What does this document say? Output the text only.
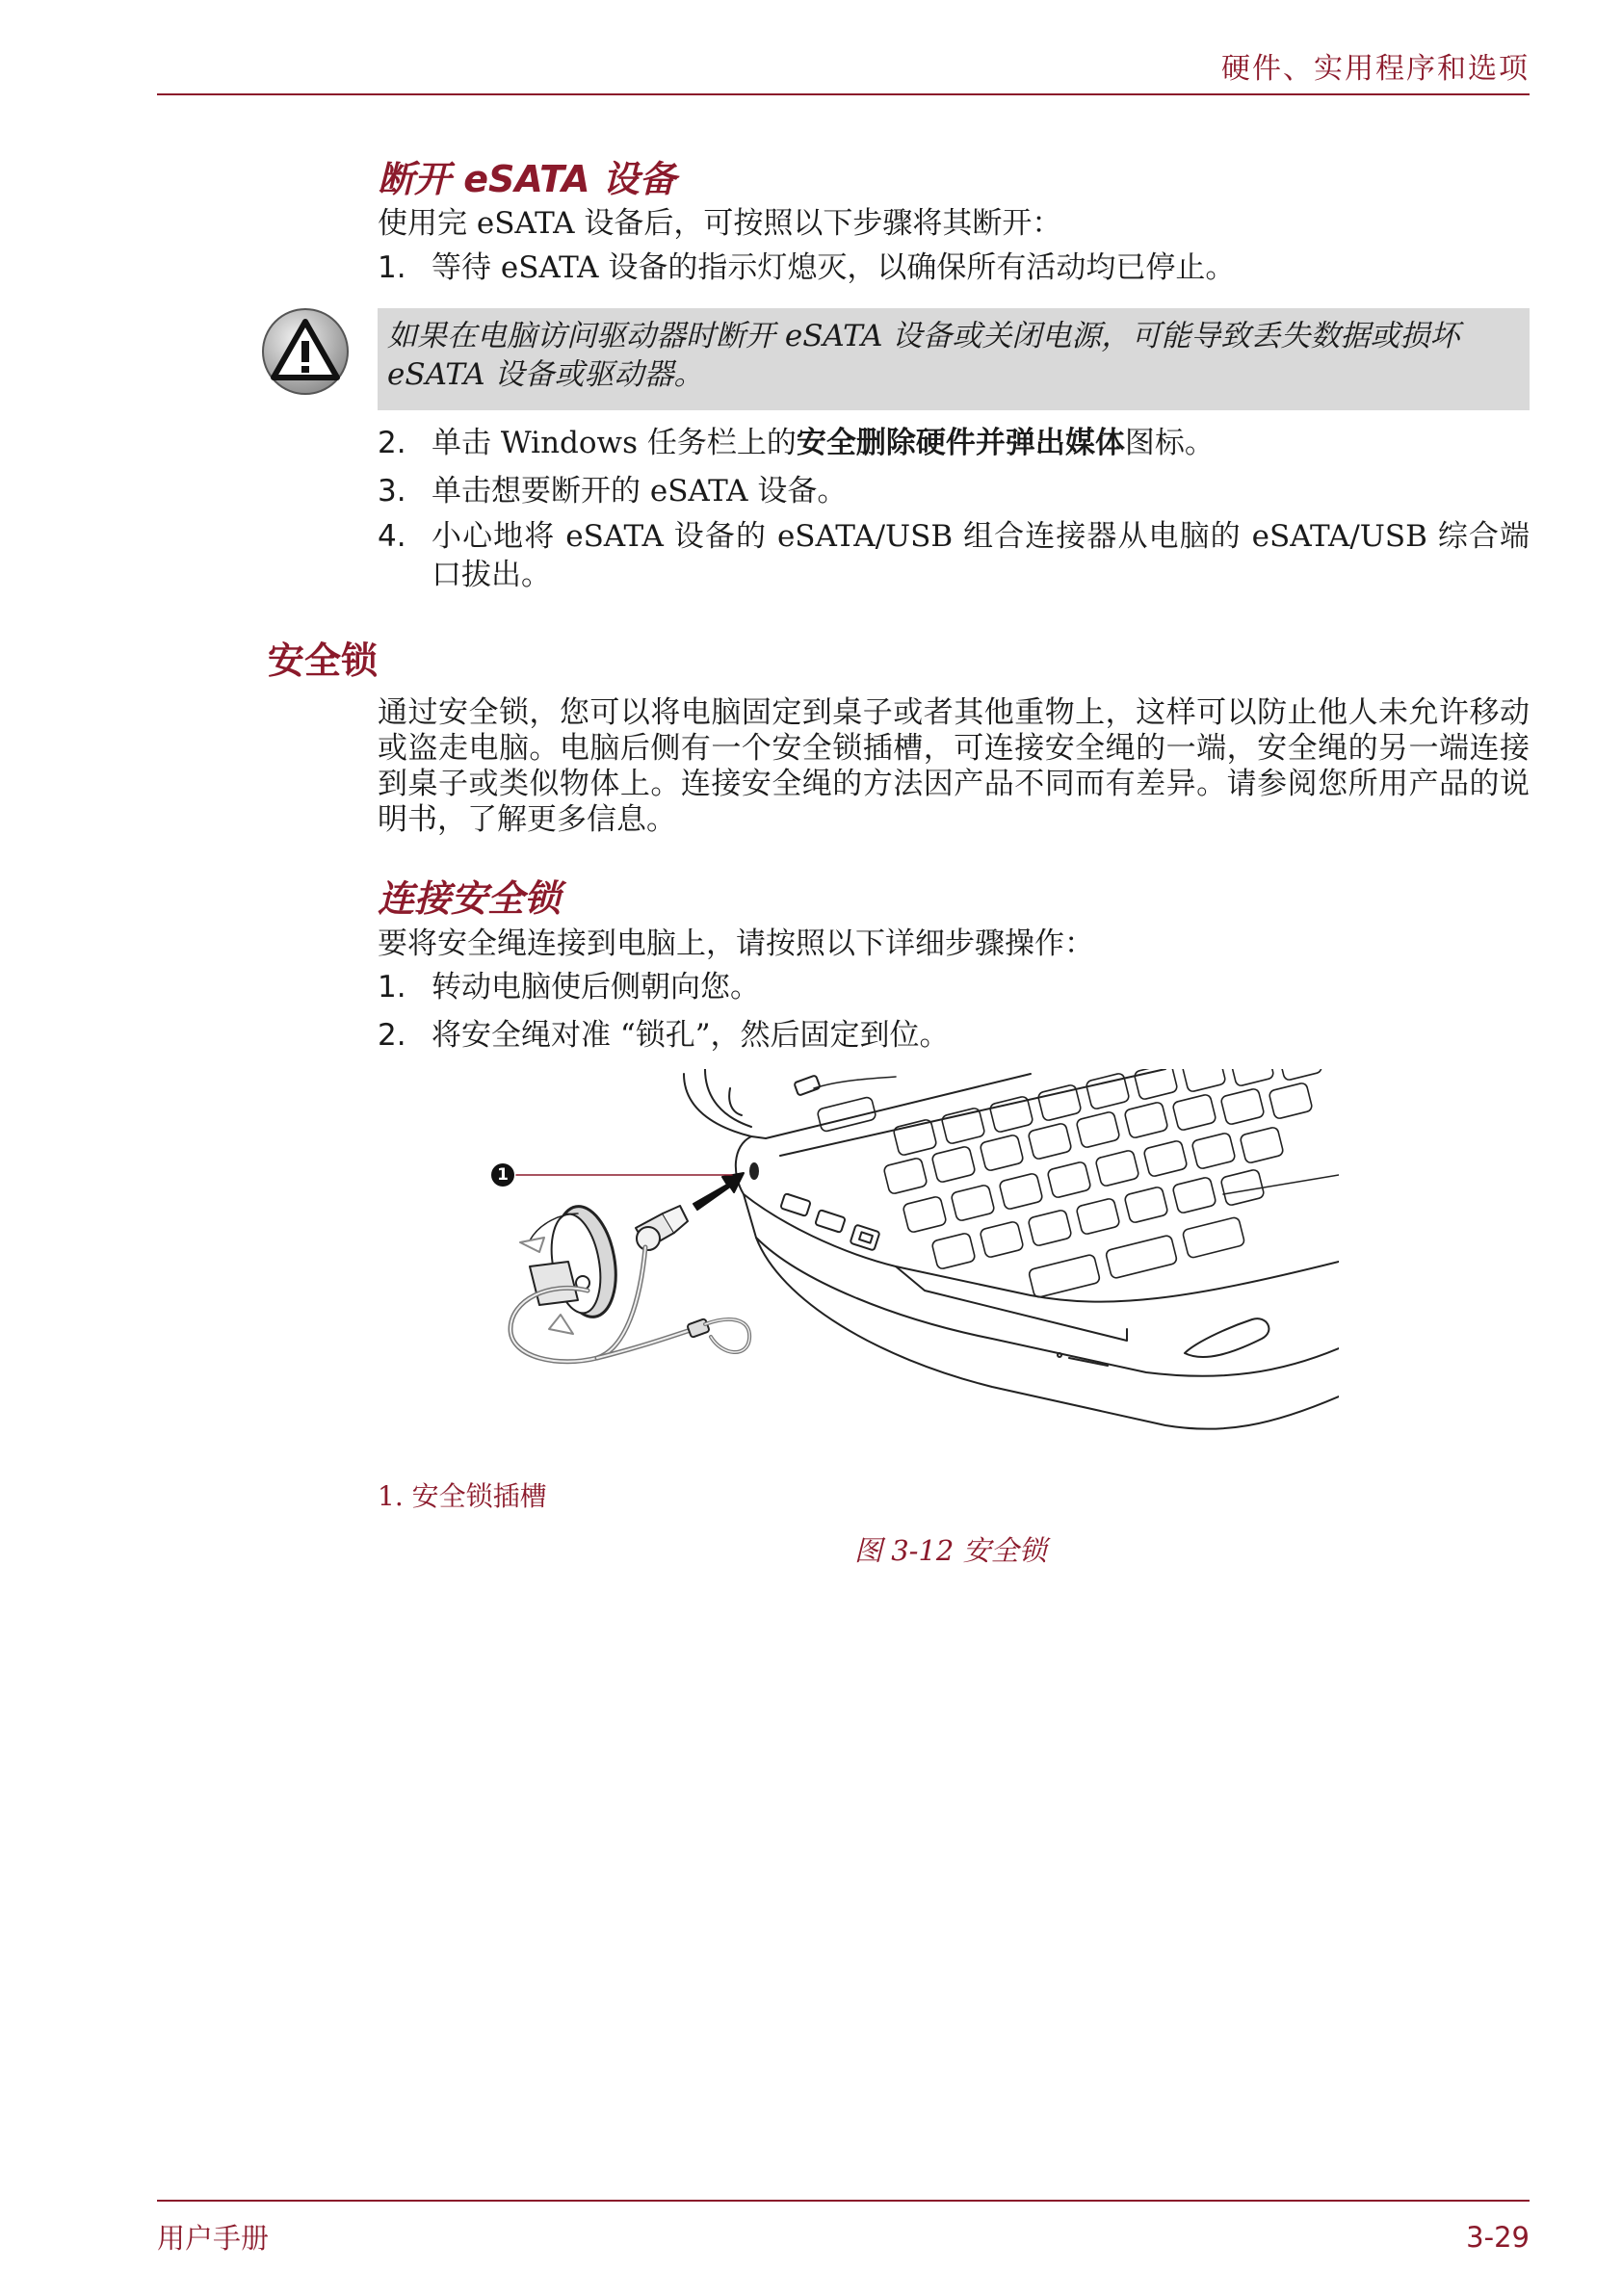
硬件、实用程序和选项
断开 eSATA 设备
使用完 eSATA 设备后，可按照以下步骤将其断开：
1. 等待 eSATA 设备的指示灯熄灭，以确保所有活动均已停止。
如果在电脑访问驱动器时断开 eSATA 设备或关闭电源，可能导致丢失数据或损坏 eSATA 设备或驱动器。
2. 单击 Windows 任务栏上的安全删除硬件并弹出媒体图标。
3. 单击想要断开的 eSATA 设备。
4. 小心地将 eSATA 设备的 eSATA/USB 组合连接器从电脑的 eSATA/USB 综合端口拔出。
安全锁
通过安全锁，您可以将电脑固定到桌子或者其他重物上，这样可以防止他人未允许移动或盗走电脑。电脑后侧有一个安全锁插槽，可连接安全绳的一端，安全绳的另一端连接到桌子或类似物体上。连接安全绳的方法因产品不同而有差异。请参阅您所用产品的说明书，了解更多信息。
连接安全锁
要将安全绳连接到电脑上，请按照以下详细步骤操作：
1. 转动电脑使后侧朝向您。
2. 将安全绳对准 “锁孔”，然后固定到位。
1
1. 安全锁插槽
图 3-12 安全锁
用户手册	3-29
